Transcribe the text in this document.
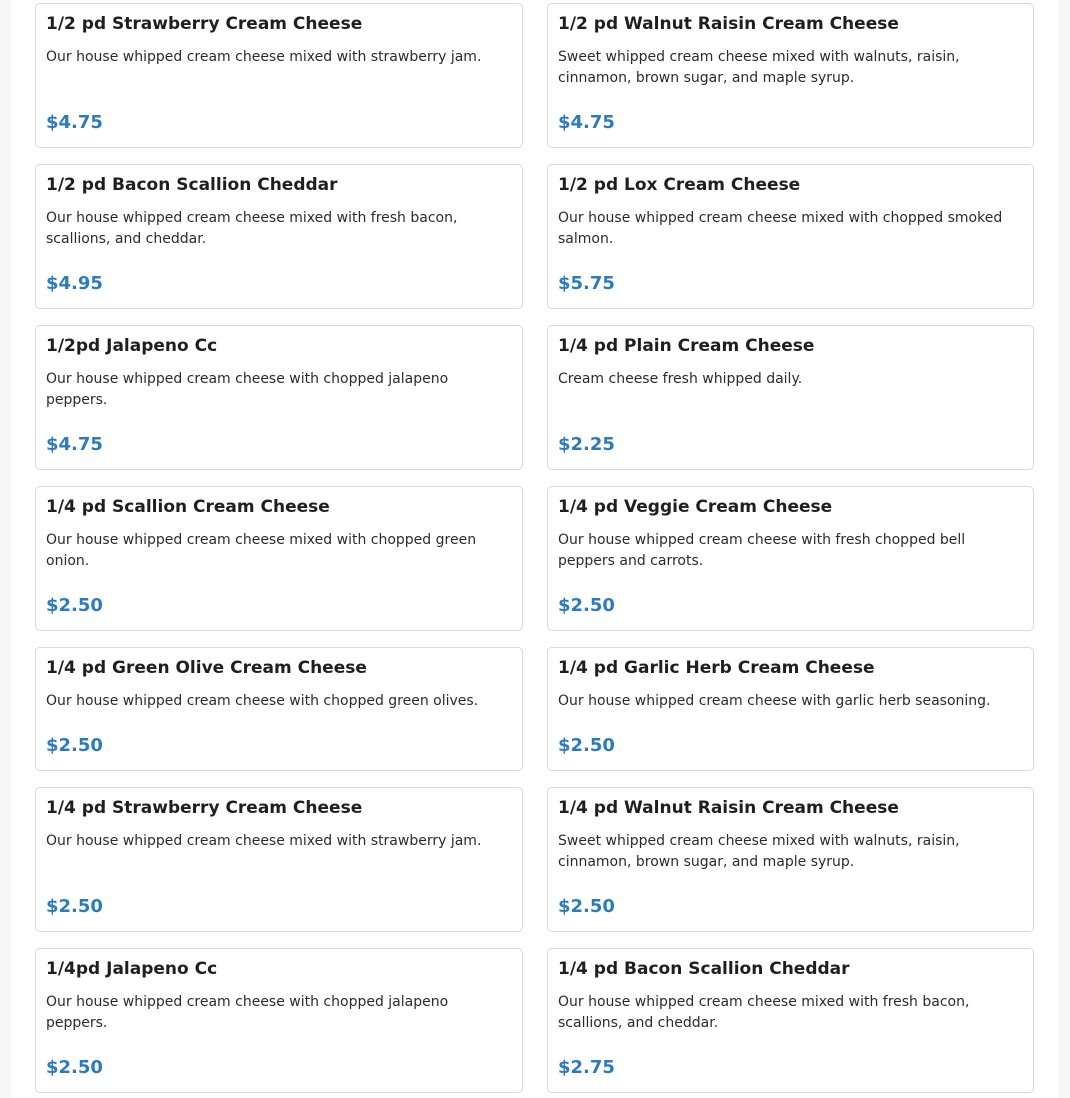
1/2 pd Strawberry Cream Cheese
Our house whipped cream cheese mixed with strawberry jam.
$4.75
1/2 pd Walnut Raisin Cream Cheese
Sweet whipped cream cheese mixed with walnuts, raisin, cinnamon, brown sugar, and maple syrup.
$4.75
1/2 pd Bacon Scallion Cheddar
Our house whipped cream cheese mixed with fresh bacon, scallions, and cheddar.
$4.95
1/2 pd Lox Cream Cheese
Our house whipped cream cheese mixed with chopped smoked salmon.
$5.75
1/2pd Jalapeno Cc
Our house whipped cream cheese with chopped jalapeno peppers.
$4.75
1/4 pd Plain Cream Cheese
Cream cheese fresh whipped daily.
$2.25
1/4 pd Scallion Cream Cheese
Our house whipped cream cheese mixed with chopped green onion.
$2.50
1/4 pd Veggie Cream Cheese
Our house whipped cream cheese with fresh chopped bell peppers and carrots.
$2.50
1/4 pd Green Olive Cream Cheese
Our house whipped cream cheese with chopped green olives.
$2.50
1/4 pd Garlic Herb Cream Cheese
Our house whipped cream cheese with garlic herb seasoning.
$2.50
1/4 pd Strawberry Cream Cheese
Our house whipped cream cheese mixed with strawberry jam.
$2.50
1/4 pd Walnut Raisin Cream Cheese
Sweet whipped cream cheese mixed with walnuts, raisin, cinnamon, brown sugar, and maple syrup.
$2.50
1/4pd Jalapeno Cc
Our house whipped cream cheese with chopped jalapeno peppers.
$2.50
1/4 pd Bacon Scallion Cheddar
Our house whipped cream cheese mixed with fresh bacon, scallions, and cheddar.
$2.75
